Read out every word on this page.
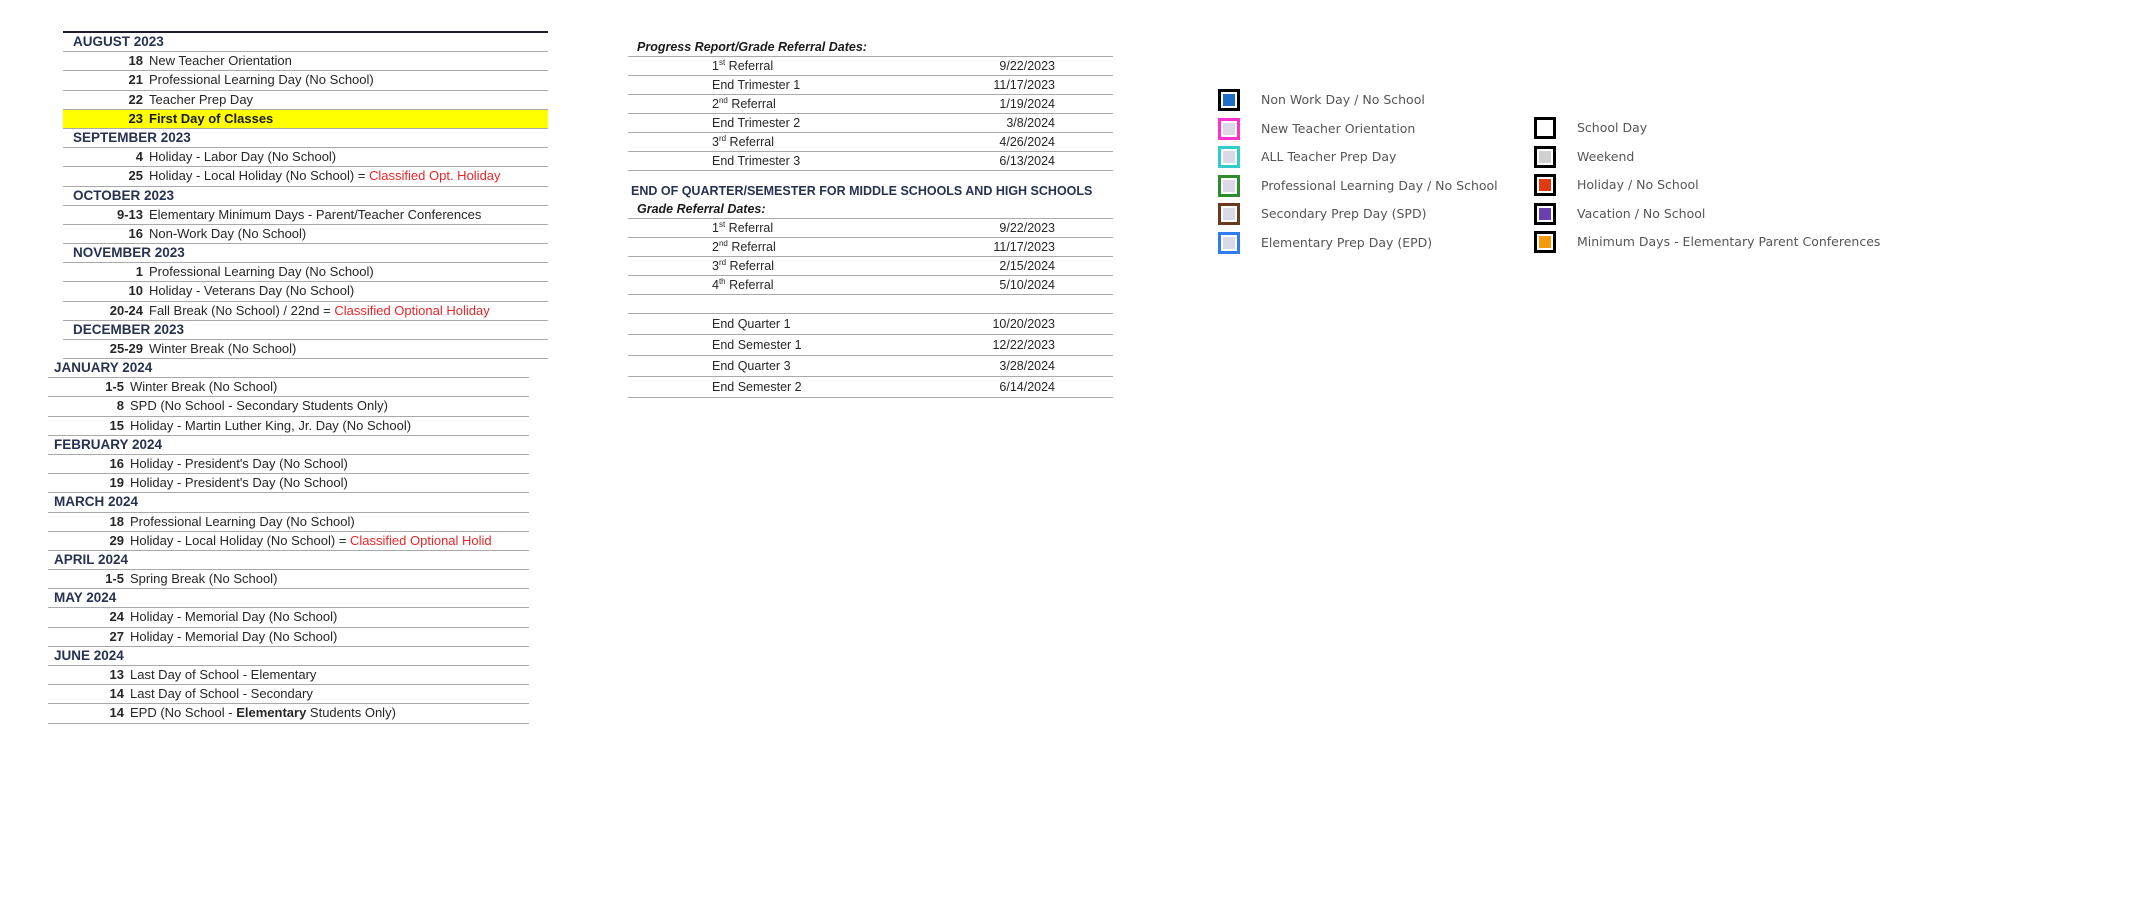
AUGUST 2023
18 New Teacher Orientation
21 Professional Learning Day (No School)
22 Teacher Prep Day
23 First Day of Classes
SEPTEMBER 2023
4 Holiday - Labor Day (No School)
25 Holiday - Local Holiday (No School) = Classified Opt. Holiday
OCTOBER 2023
9-13 Elementary Minimum Days - Parent/Teacher Conferences
16 Non-Work Day (No School)
NOVEMBER 2023
1 Professional Learning Day (No School)
10 Holiday - Veterans Day (No School)
20-24 Fall Break (No School) / 22nd = Classified Optional Holiday
DECEMBER 2023
25-29 Winter Break (No School)
JANUARY 2024
1-5 Winter Break (No School)
8 SPD (No School - Secondary Students Only)
15 Holiday - Martin Luther King, Jr. Day (No School)
FEBRUARY 2024
16 Holiday - President's Day (No School)
19 Holiday - President's Day (No School)
MARCH 2024
18 Professional Learning Day (No School)
29 Holiday - Local Holiday (No School) = Classified Optional Holid
APRIL 2024
1-5 Spring Break (No School)
MAY 2024
24 Holiday - Memorial Day (No School)
27 Holiday - Memorial Day (No School)
JUNE 2024
13 Last Day of School - Elementary
14 Last Day of School - Secondary
14 EPD (No School - Elementary Students Only)
Progress Report/Grade Referral Dates:
1st Referral	9/22/2023
End Trimester 1	11/17/2023
2nd Referral	1/19/2024
End Trimester 2	3/8/2024
3rd Referral	4/26/2024
End Trimester 3	6/13/2024
END OF QUARTER/SEMESTER FOR MIDDLE SCHOOLS AND HIGH SCHOOLS
Grade Referral Dates:
1st Referral	9/22/2023
2nd Referral	11/17/2023
3rd Referral	2/15/2024
4th Referral	5/10/2024
End Quarter 1	10/20/2023
End Semester 1	12/22/2023
End Quarter 3	3/28/2024
End Semester 2	6/14/2024
Non Work Day / No School
New Teacher Orientation
ALL Teacher Prep Day
Professional Learning Day / No School
Secondary Prep Day (SPD)
Elementary Prep Day (EPD)
School Day
Weekend
Holiday / No School
Vacation / No School
Minimum Days - Elementary Parent Conferences
